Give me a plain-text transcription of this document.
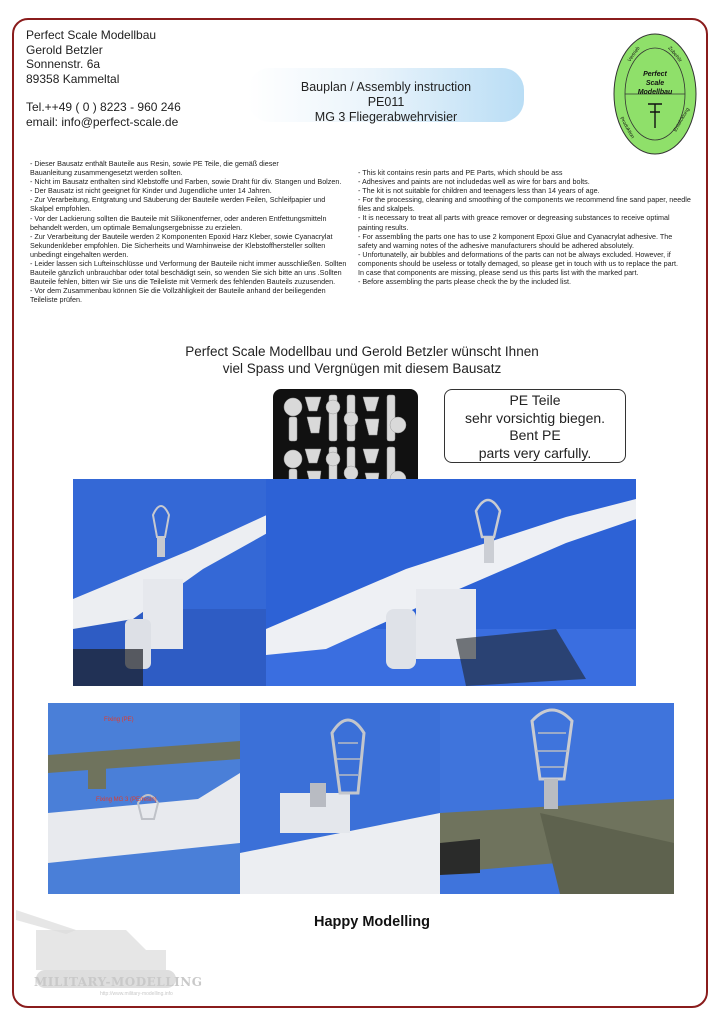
Perfect Scale Modellbau
Gerold Betzler
Sonnenstr. 6a
89358 Kammeltal
Tel.++49 ( 0 ) 8223 - 960 246
email: info@perfect-scale.de
Bauplan / Assembly instruction
PE011
MG 3 Fliegerabwehrvisier
Perfect
Scale
Modellbau
Vertrieb	Zubehör
Produktion	Entwicklung
- Dieser Bausatz enthält Bauteile aus Resin, sowie PE Teile, die gemäß dieser
Bauanleitung zusammengesetzt werden sollten.
- Nicht im Bausatz enthalten sind Klebstoffe und Farben, sowie Draht für div. Stangen und Bolzen.
- Der Bausatz ist nicht geeignet für Kinder und Jugendliche unter 14 Jahren.
- Zur Verarbeitung, Entgratung und Säuberung der Bauteile werden Feilen, Schleifpapier und
Skalpel empfohlen.
- Vor der Lackierung sollten die Bauteile mit Silikonentferner, oder anderen Entfettungsmitteln
behandelt werden, um optimale Bemalungsergebnisse zu erzielen.
- Zur Verarbeitung der Bauteile werden 2 Komponenten Epoxid Harz Kleber, sowie Cyanacrylat
Sekundenkleber empfohlen. Die Sicherheits und Warnhinweise der Klebstoffhersteller sollten
unbedingt eingehalten werden.
- Leider lassen sich Lufteinschlüsse und Verformung der Bauteile nicht immer ausschließen. Sollten
Bauteile gänzlich unbrauchbar oder total beschädigt sein, so wenden Sie sich bitte an uns .Sollten
Bauteile fehlen, bitten wir Sie uns die Teileliste mit Vermerk des fehlenden Bauteils zuzusenden.
- Vor dem Zusammenbau können Sie die Vollzähligkeit der Bauteile anhand der beiliegenden
Teileliste prüfen.
- This kit contains resin parts and PE Parts, which should be ass
- Adhesives and paints are not includedas well as wire for bars and bolts.
- The kit is not suitable for children and teenagers less than 14 years of age.
- For the processing, cleaning and smoothing of the components we recommend fine sand paper, needle
files and skalpels.
- It is necessary to treat all parts with greace remover or degreasing substances to receive optimal
painting results.
- For assembling the parts one has to use 2 komponent Epoxi Glue and Cyanacrylat adhesive. The
safety and warning notes of the adhesive manufacturers should be adhered absolutely.
- Unfortunatelly, air bubbles and deformations of the parts can not be always excluded. However, if
components should be useless or totally demaged, so please get in touch with us to replace the part.
In case that components are missing, please send us this parts list with the marked part.
- Before assembling the parts please check the by the included list.
Perfect Scale Modellbau und Gerold Betzler wünscht Ihnen
viel Spass und Vergnügen mit diesem Bausatz
PE Teile
sehr vorsichtig biegen.
Bent PE
parts very carfully.
Fixing (PE)
Fixing MG 3 (PE/resin)
Happy Modelling
MILITARY-MODELLING
http://www.military-modelling.info
